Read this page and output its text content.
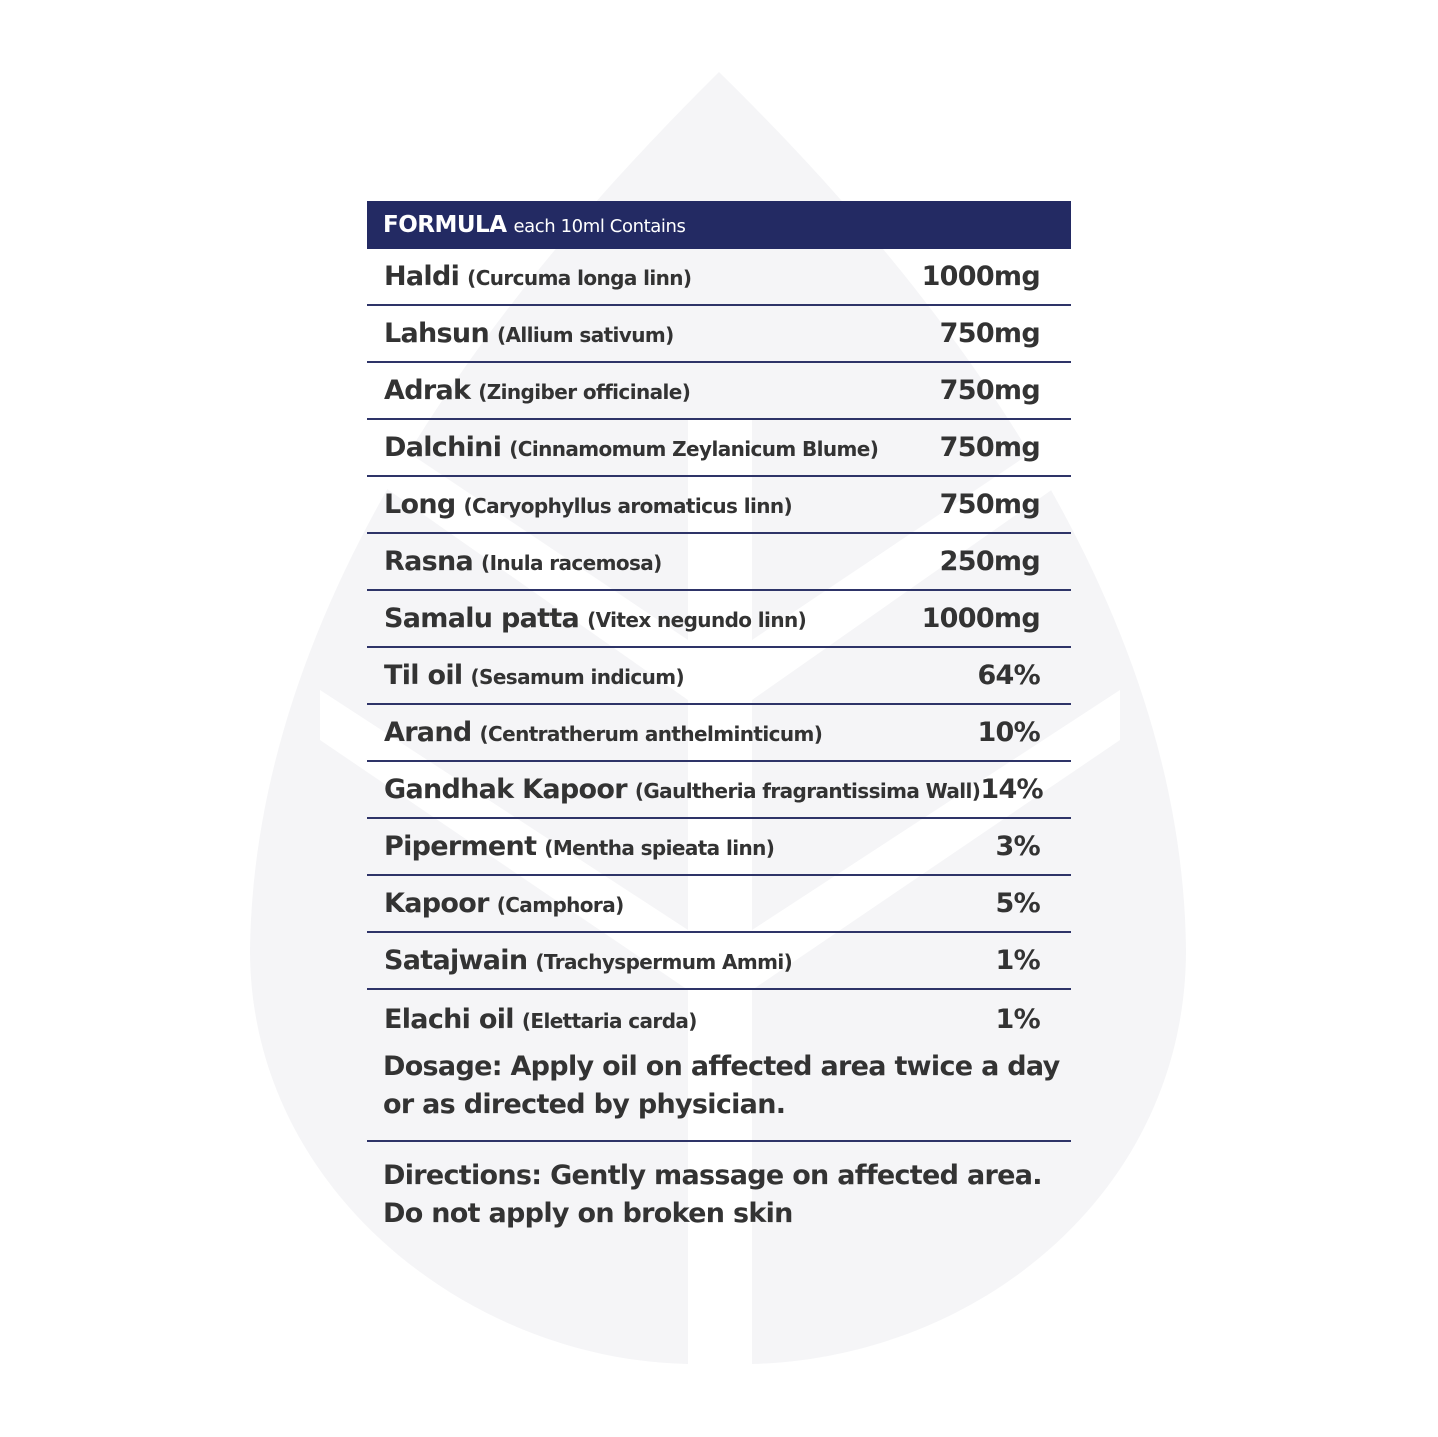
FORMULA each 10ml Contains
Haldi (Curcuma longa linn)	1000mg
Lahsun (Allium sativum)	750mg
Adrak (Zingiber officinale)	750mg
Dalchini (Cinnamomum Zeylanicum Blume) 750mg
Long (Caryophyllus aromaticus linn)	750mg
Rasna (Inula racemosa)	250mg
Samalu patta (Vitex negundo linn)	1000mg
Til oil (Sesamum indicum)	64%
Arand (Centratherum anthelminticum)	10%
Gandhak Kapoor (Gaultheria fragrantissima Wall) 14%
Piperment (Mentha spieata linn)	3%
Kapoor (Camphora)	5%
Satajwain (Trachyspermum Ammi)	1%
Elachi oil (Elettaria carda)	1%
Dosage: Apply oil on affected area twice a day
or as directed by physician.
Directions: Gently massage on affected area.
Do not apply on broken skin
